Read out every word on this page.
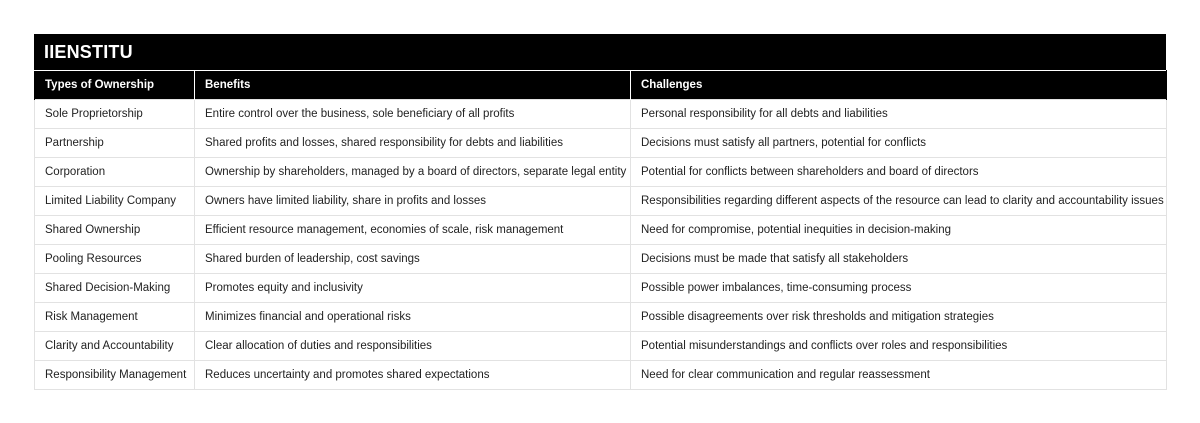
IIENSTITU
Types of Ownership	Benefits	Challenges
Sole Proprietorship	Entire control over the business, sole beneficiary of all profits	Personal responsibility for all debts and liabilities
Partnership	Shared profits and losses, shared responsibility for debts and liabilities	Decisions must satisfy all partners, potential for conflicts
Corporation	Ownership by shareholders, managed by a board of directors, separate legal entity	Potential for conflicts between shareholders and board of directors
Limited Liability Company	Owners have limited liability, share in profits and losses	Responsibilities regarding different aspects of the resource can lead to clarity and accountability issues
Shared Ownership	Efficient resource management, economies of scale, risk management	Need for compromise, potential inequities in decision-making
Pooling Resources	Shared burden of leadership, cost savings	Decisions must be made that satisfy all stakeholders
Shared Decision-Making	Promotes equity and inclusivity	Possible power imbalances, time-consuming process
Risk Management	Minimizes financial and operational risks	Possible disagreements over risk thresholds and mitigation strategies
Clarity and Accountability	Clear allocation of duties and responsibilities	Potential misunderstandings and conflicts over roles and responsibilities
Responsibility Management	Reduces uncertainty and promotes shared expectations	Need for clear communication and regular reassessment
